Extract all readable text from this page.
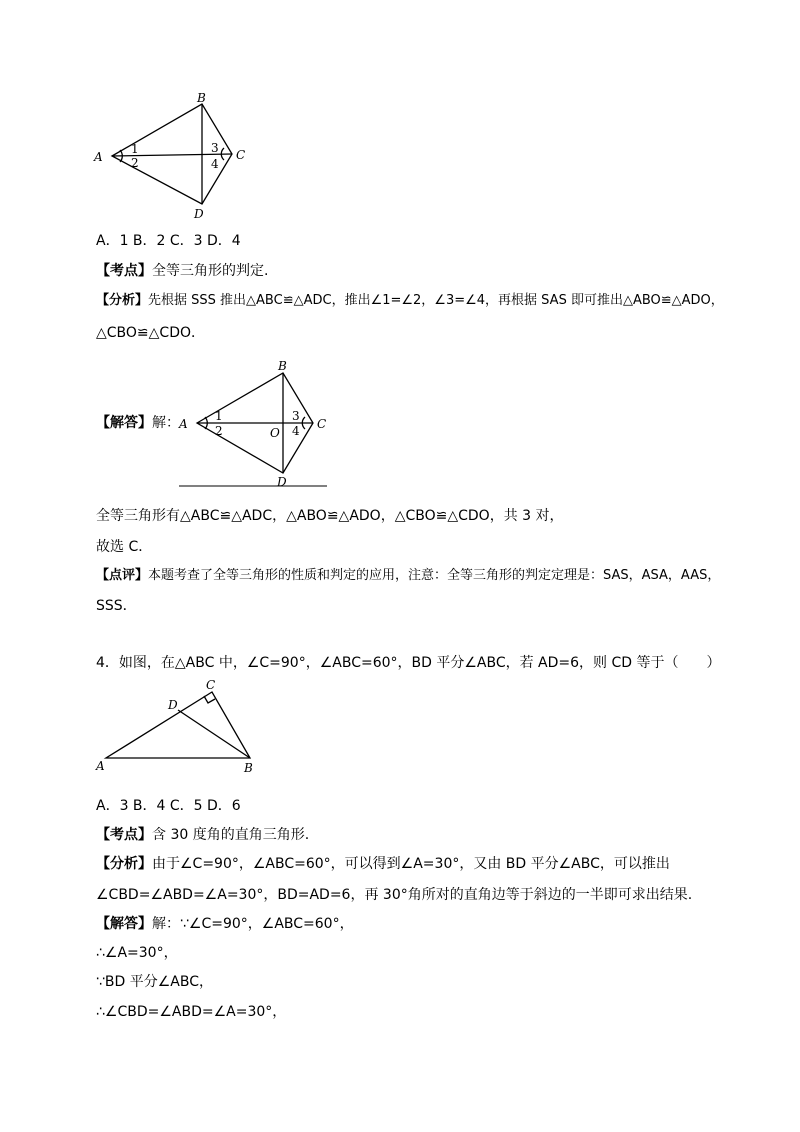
A
B
C
D
1
2
3
4
A．1 B．2 C．3 D．4
【考点】全等三角形的判定.
【分析】先根据 SSS 推出△ABC≌△ADC，推出∠1=∠2，∠3=∠4，再根据 SAS 即可推出△ABO≌△ADO，
△CBO≌△CDO．
【解答】解： A
B
C
D
O
1
2
3
4
全等三角形有△ABC≌△ADC，△ABO≌△ADO，△CBO≌△CDO，共 3 对，
故选 C．
【点评】本题考查了全等三角形的性质和判定的应用，注意：全等三角形的判定定理是：SAS，ASA，AAS，
SSS．
4．如图，在△ABC 中，∠C=90°，∠ABC=60°，BD 平分∠ABC，若 AD=6，则 CD 等于（　　）
A	B
C
D
A．3 B．4 C．5 D．6
【考点】含 30 度角的直角三角形.
【分析】由于∠C=90°，∠ABC=60°，可以得到∠A=30°，又由 BD 平分∠ABC，可以推出
∠CBD=∠ABD=∠A=30°，BD=AD=6，再 30°角所对的直角边等于斜边的一半即可求出结果.
【解答】解：∵∠C=90°，∠ABC=60°，
∴∠A=30°，
∵BD 平分∠ABC，
∴∠CBD=∠ABD=∠A=30°，
